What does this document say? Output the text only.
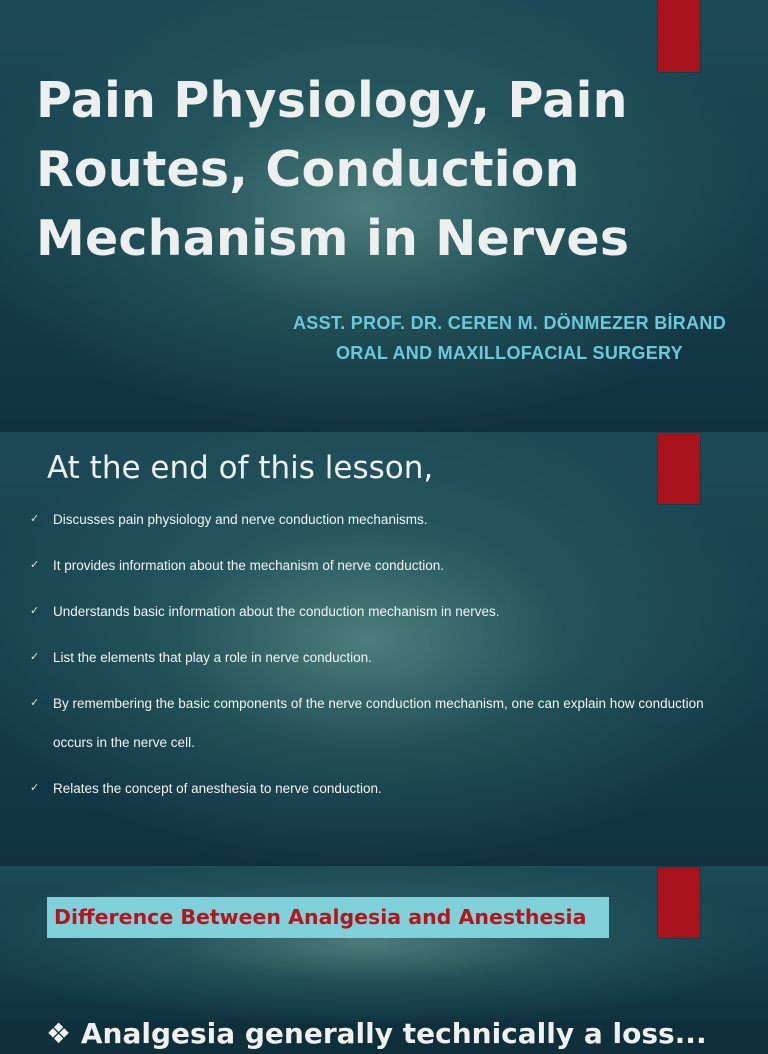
Pain Physiology, Pain Routes, Conduction Mechanism in Nerves
ASST. PROF. DR. CEREN M. DÖNMEZER BİRAND
ORAL AND MAXILLOFACIAL SURGERY
At the end of this lesson,
✓ Discusses pain physiology and nerve conduction mechanisms.
✓ It provides information about the mechanism of nerve conduction.
✓ Understands basic information about the conduction mechanism in nerves.
✓ List the elements that play a role in nerve conduction.
✓ By remembering the basic components of the nerve conduction mechanism, one can explain how conduction occurs in the nerve cell.
✓ Relates the concept of anesthesia to nerve conduction.
Difference Between Analgesia and Anesthesia
❖ Analgesia generally technically a loss...
